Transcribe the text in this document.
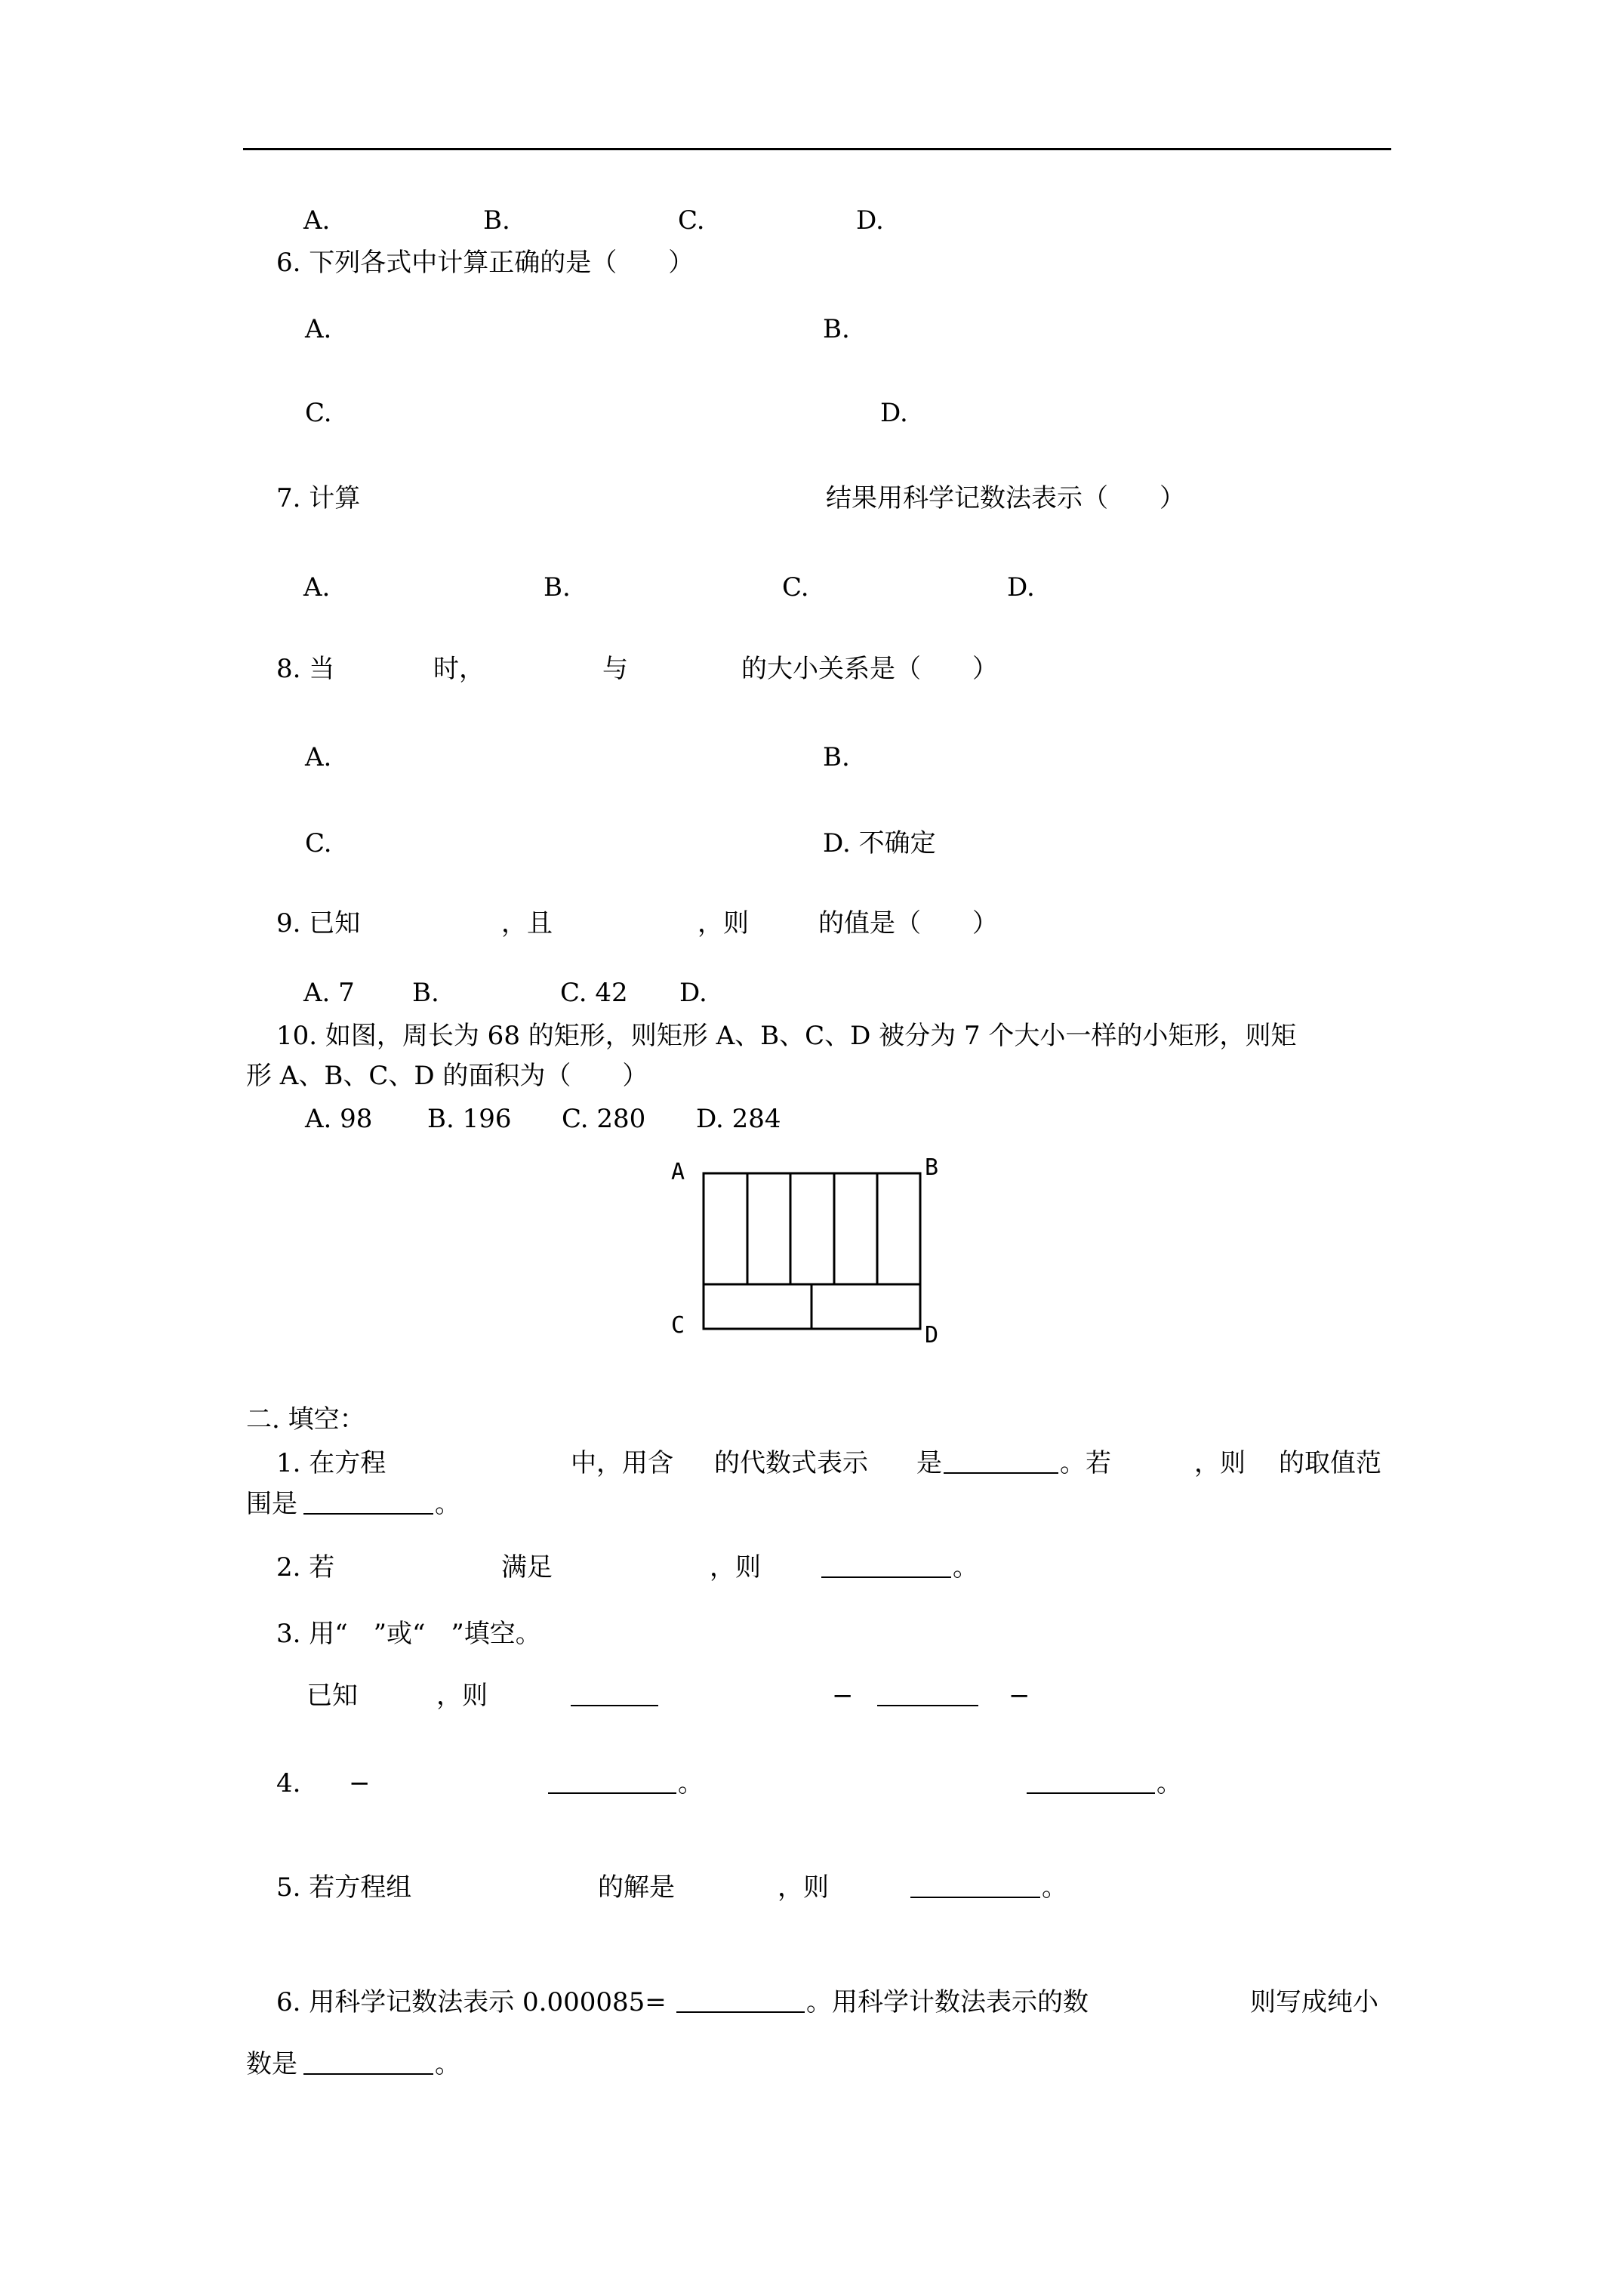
A.	B.	C.	D.
6. 下列各式中计算正确的是（　　）
A.	B.
C.	D.
7. 计算	结果用科学记数法表示（　　）
A.	B.	C.	D.
8. 当	时，	与	的大小关系是（　　）
A.	B.
C.	D. 不确定
9. 已知	，且	，则	的值是（　　）
A. 7 B.	C. 42 D.
10. 如图，周长为 68 的矩形，则矩形 A、B、C、D 被分为 7 个大小一样的小矩形，则矩
形 A、B、C、D 的面积为（　　）
A. 98 B. 196 C. 280 D. 284
A	B
C	D
二. 填空：
1. 在方程	中，用含 的代数式表示 是	。若	，则 的取值范
围是	。
2. 若	满足	，则	。
3. 用“　”或“　”填空。
已知	，则	−	−
4. −	。	。
5. 若方程组	的解是	，则	。
6. 用科学记数法表示 0.000085=	。用科学计数法表示的数	则写成纯小
数是	。
